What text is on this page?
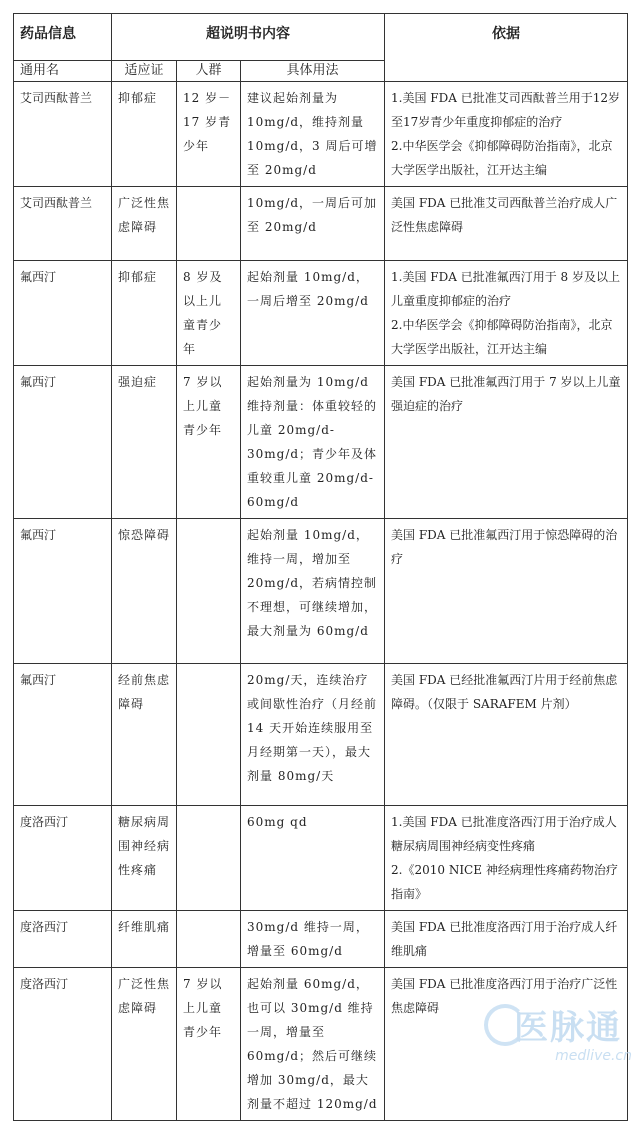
药品信息	超说明书内容			依据
通用名	适应证	人群	具体用法	
艾司西酞普兰	抑郁症	12 岁－17 岁青少年	建议起始剂量为10mg/d，维持剂量10mg/d，3 周后可增至 20mg/d	1.美国 FDA 已批准艾司西酞普兰用于12岁至17岁青少年重度抑郁症的治疗
2.中华医学会《抑郁障碍防治指南》，北京大学医学出版社，江开达主编
艾司西酞普兰	广泛性焦虑障碍		10mg/d，一周后可加至 20mg/d	美国 FDA 已批准艾司西酞普兰治疗成人广泛性焦虑障碍
氟西汀	抑郁症	8 岁及以上儿童青少年	起始剂量 10mg/d，一周后增至 20mg/d	1.美国 FDA 已批准氟西汀用于 8 岁及以上儿童重度抑郁症的治疗
2.中华医学会《抑郁障碍防治指南》，北京大学医学出版社，江开达主编
氟西汀	强迫症	7 岁以上儿童青少年	起始剂量为 10mg/d 维持剂量：体重较轻的儿童 20mg/d-30mg/d；青少年及体重较重儿童 20mg/d-60mg/d	美国 FDA 已批准氟西汀用于 7 岁以上儿童强迫症的治疗
氟西汀	惊恐障碍		起始剂量 10mg/d，维持一周，增加至 20mg/d，若病情控制不理想，可继续增加，最大剂量为 60mg/d	美国 FDA 已批准氟西汀用于惊恐障碍的治疗
氟西汀	经前焦虑障碍		20mg/天，连续治疗或间歇性治疗（月经前 14 天开始连续服用至月经期第一天），最大剂量 80mg/天	美国 FDA 已经批准氟西汀片用于经前焦虑障碍。（仅限于 SARAFEM 片剂）
度洛西汀	糖尿病周围神经病性疼痛		60mg qd	1.美国 FDA 已批准度洛西汀用于治疗成人糖尿病周围神经病变性疼痛
2.《2010 NICE 神经病理性疼痛药物治疗指南》
度洛西汀	纤维肌痛		30mg/d 维持一周，增量至 60mg/d	美国 FDA 已批准度洛西汀用于治疗成人纤维肌痛
度洛西汀	广泛性焦虑障碍	7 岁以上儿童青少年	起始剂量 60mg/d，也可以 30mg/d 维持一周，增量至 60mg/d；然后可继续增加 30mg/d，最大剂量不超过 120mg/d	美国 FDA 已批准度洛西汀用于治疗广泛性焦虑障碍 医脉通
medlive.cn
